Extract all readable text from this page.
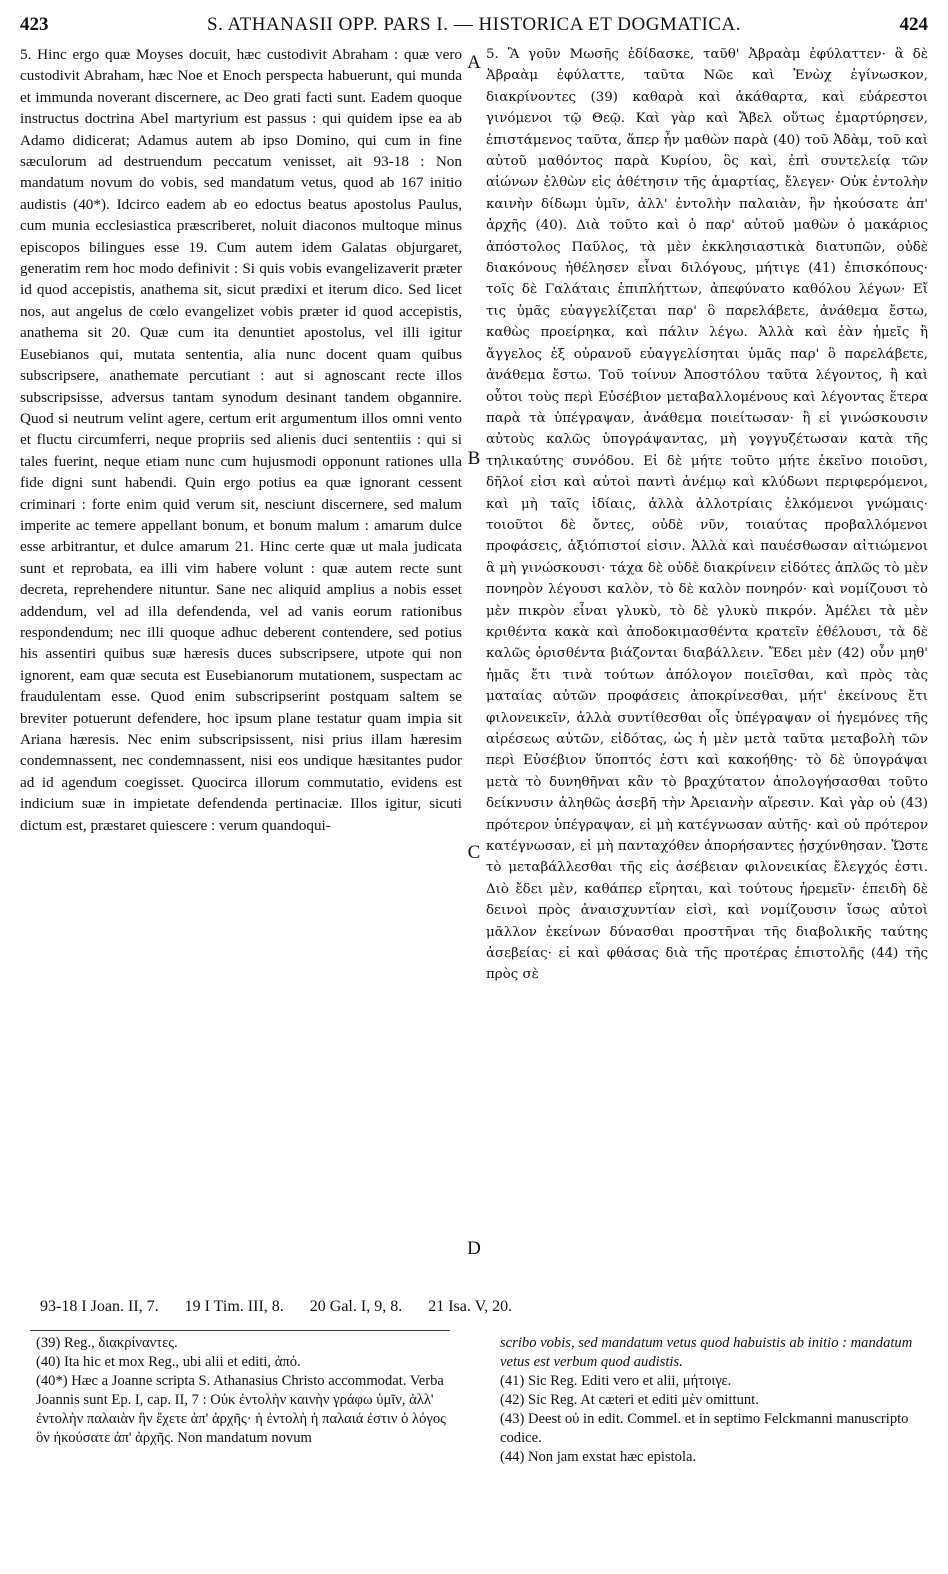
423	S. ATHANASII OPP. PARS I. — HISTORICA ET DOGMATICA.	424

5. Hinc ergo quæ Moyses docuit, hæc custodivit Abraham : quæ vero custodivit Abraham, hæc Noe et Enoch perspecta habuerunt, qui munda et immunda noverant discernere, ac Deo grati facti sunt. Eadem quoque instructus doctrina Abel martyrium est passus : qui quidem ipse ea ab Adamo didicerat; Adamus autem ab ipso Domino, qui cum in fine sæculorum ad destruendum peccatum venisset, ait 93-18 : Non mandatum novum do vobis, sed mandatum vetus, quod ab 167 initio audistis (40*). Idcirco eadem ab eo edoctus beatus apostolus Paulus, cum munia ecclesiastica præscriberet, noluit diaconos multoque minus episcopos bilingues esse 19. Cum autem idem Galatas objurgaret, generatim rem hoc modo definivit : Si quis vobis evangelizaverit præter id quod accepistis, anathema sit, sicut prædixi et iterum dico. Sed licet nos, aut angelus de cœlo evangelizet vobis præter id quod accepistis, anathema sit 20. Quæ cum ita denuntiet apostolus, vel illi igitur Eusebianos qui, mutata sententia, alia nunc docent quam quibus subscripsere, anathemate percutiant : aut si agnoscant recte illos subscripsisse, adversus tantam synodum desinant tandem obgannire. Quod si neutrum velint agere, certum erit argumentum illos omni vento et fluctu circumferri, neque propriis sed alienis duci sententiis : qui si tales fuerint, neque etiam nunc cum hujusmodi opponunt rationes ulla fide digni sunt habendi. Quin ergo potius ea quæ ignorant cessent criminari : forte enim quid verum sit, nesciunt discernere, sed malum imperite ac temere appellant bonum, et bonum malum : amarum dulce esse arbitrantur, et dulce amarum 21. Hinc certe quæ ut mala judicata sunt et reprobata, ea illi vim habere volunt : quæ autem recte sunt decreta, reprehendere nituntur. Sane nec aliquid amplius a nobis esset addendum, vel ad illa defendenda, vel ad vanis eorum rationibus respondendum; nec illi quoque adhuc deberent contendere, sed potius his assentiri quibus suæ hæresis duces subscripsere, utpote qui non ignorent, eam quæ secuta est Eusebianorum mutationem, suspectam ac fraudulentam esse. Quod enim subscripserint postquam saltem se breviter potuerunt defendere, hoc ipsum plane testatur quam impia sit Ariana hæresis. Nec enim subscripsissent, nisi prius illam hæresim condemnassent, nec condemnassent, nisi eos undique hæsitantes pudor ad id agendum coegisset. Quocirca illorum commutatio, evidens est indicium suæ in impietate defendenda pertinaciæ. Illos igitur, sicuti dictum est, præstaret quiescere : verum quandoqui-

A
B
C
D

5. Ἃ γοῦν Μωσῆς ἐδίδασκε, ταῦθ' Ἀβραὰμ ἐφύλαττεν· ἃ δὲ Ἀβραὰμ ἐφύλαττε, ταῦτα Νῶε καὶ Ἐνὼχ ἐγίνωσκον, διακρίνοντες (39) καθαρὰ καὶ ἀκάθαρτα, καὶ εὐάρεστοι γινόμενοι τῷ Θεῷ. Καὶ γὰρ καὶ Ἄβελ οὕτως ἐμαρτύρησεν, ἐπιστάμενος ταῦτα, ἅπερ ἦν μαθὼν παρὰ (40) τοῦ Ἀδὰμ, τοῦ καὶ αὐτοῦ μαθόντος παρὰ Κυρίου, ὃς καὶ, ἐπὶ συντελείᾳ τῶν αἰώνων ἐλθὼν εἰς ἀθέτησιν τῆς ἁμαρτίας, ἔλεγεν· Οὐκ ἐντολὴν καινὴν δίδωμι ὑμῖν, ἀλλ' ἐντολὴν παλαιὰν, ἣν ἠκούσατε ἀπ' ἀρχῆς (40). Διὰ τοῦτο καὶ ὁ παρ' αὐτοῦ μαθὼν ὁ μακάριος ἀπόστολος Παῦλος, τὰ μὲν ἐκκλησιαστικὰ διατυπῶν, οὐδὲ διακόνους ἠθέλησεν εἶναι διλόγους, μήτιγε (41) ἐπισκόπους· τοῖς δὲ Γαλάταις ἐπιπλήττων, ἀπεφύνατο καθόλου λέγων· Εἴ τις ὑμᾶς εὐαγγελίζεται παρ' ὃ παρελάβετε, ἀνάθεμα ἔστω, καθὼς προείρηκα, καὶ πάλιν λέγω. Ἀλλὰ καὶ ἐὰν ἡμεῖς ἢ ἄγγελος ἐξ οὐρανοῦ εὐαγγελίσηται ὑμᾶς παρ' ὃ παρελάβετε, ἀνάθεμα ἔστω. Τοῦ τοίνυν Ἀποστόλου ταῦτα λέγοντος, ἢ καὶ οὗτοι τοὺς περὶ Εὐσέβιον μεταβαλλομένους καὶ λέγοντας ἕτερα παρὰ τὰ ὑπέγραψαν, ἀνάθεμα ποιείτωσαν· ἢ εἰ γινώσκουσιν αὐτοὺς καλῶς ὑπογράψαντας, μὴ γογγυζέτωσαν κατὰ τῆς τηλικαύτης συνόδου. Εἰ δὲ μήτε τοῦτο μήτε ἐκεῖνο ποιοῦσι, δῆλοί εἰσι καὶ αὐτοὶ παντὶ ἀνέμῳ καὶ κλύδωνι περιφερόμενοι, καὶ μὴ ταῖς ἰδίαις, ἀλλὰ ἀλλοτρίαις ἑλκόμενοι γνώμαις· τοιοῦτοι δὲ ὄντες, οὐδὲ νῦν, τοιαύτας προβαλλόμενοι προφάσεις, ἀξιόπιστοί εἰσιν. Ἀλλὰ καὶ παυέσθωσαν αἰτιώμενοι ἃ μὴ γινώσκουσι· τάχα δὲ οὐδὲ διακρίνειν εἰδότες ἁπλῶς τὸ μὲν πονηρὸν λέγουσι καλὸν, τὸ δὲ καλὸν πονηρόν· καὶ νομίζουσι τὸ μὲν πικρὸν εἶναι γλυκὺ, τὸ δὲ γλυκὺ πικρόν. Ἀμέλει τὰ μὲν κριθέντα κακὰ καὶ ἀποδοκιμασθέντα κρατεῖν ἐθέλουσι, τὰ δὲ καλῶς ὁρισθέντα βιάζονται διαβάλλειν. Ἔδει μὲν (42) οὖν μηθ' ἡμᾶς ἔτι τινὰ τούτων ἀπόλογον ποιεῖσθαι, καὶ πρὸς τὰς ματαίας αὐτῶν προφάσεις ἀποκρίνεσθαι, μήτ' ἐκείνους ἔτι φιλονεικεῖν, ἀλλὰ συντίθεσθαι οἷς ὑπέγραψαν οἱ ἡγεμόνες τῆς αἱρέσεως αὐτῶν, εἰδότας, ὡς ἡ μὲν μετὰ ταῦτα μεταβολὴ τῶν περὶ Εὐσέβιον ὕποπτός ἐστι καὶ κακοήθης· τὸ δὲ ὑπογράψαι μετὰ τὸ δυνηθῆναι κἂν τὸ βραχύτατον ἀπολογήσασθαι τοῦτο δείκνυσιν ἀληθῶς ἀσεβῆ τὴν Ἀρειανὴν αἵρεσιν. Καὶ γὰρ οὐ (43) πρότερον ὑπέγραψαν, εἰ μὴ κατέγνωσαν αὐτῆς· καὶ οὐ πρότερον κατέγνωσαν, εἰ μὴ πανταχόθεν ἀπορήσαντες ᾐσχύνθησαν. Ὥστε τὸ μεταβάλλεσθαι τῆς εἰς ἀσέβειαν φιλονεικίας ἔλεγχός ἐστι. Διὸ ἔδει μὲν, καθάπερ εἴρηται, καὶ τούτους ἠρεμεῖν· ἐπειδὴ δὲ δεινοὶ πρὸς ἀναισχυντίαν εἰσὶ, καὶ νομίζουσιν ἴσως αὐτοὶ μᾶλλον ἐκείνων δύνασθαι προστῆναι τῆς διαβολικῆς ταύτης ἀσεβείας· εἰ καὶ φθάσας διὰ τῆς προτέρας ἐπιστολῆς (44) τῆς πρὸς σὲ

93-18 I Joan. II, 7. 19 I Tim. III, 8. 20 Gal. I, 9, 8. 21 Isa. V, 20.

(39) Reg., διακρίναντες.

(40) Ita hic et mox Reg., ubi alii et editi, ἀπό.

(40*) Hæc a Joanne scripta S. Athanasius Christo accommodat. Verba Joannis sunt Ep. I, cap. II, 7 : Οὐκ ἐντολὴν καινὴν γράφω ὑμῖν, ἀλλ' ἐντολὴν παλαιὰν ἣν ἔχετε ἀπ' ἀρχῆς· ἡ ἐντολὴ ἡ παλαιά ἐστιν ὁ λόγος ὃν ἠκούσατε ἀπ' ἀρχῆς. Non mandatum novum

scribo vobis, sed mandatum vetus quod habuistis ab initio : mandatum vetus est verbum quod audistis.

(41) Sic Reg. Editi vero et alii, μήτοιγε.

(42) Sic Reg. At cæteri et editi μὲν omittunt.

(43) Deest οὐ in edit. Commel. et in septimo Felckmanni manuscripto codice.

(44) Non jam exstat hæc epistola.
